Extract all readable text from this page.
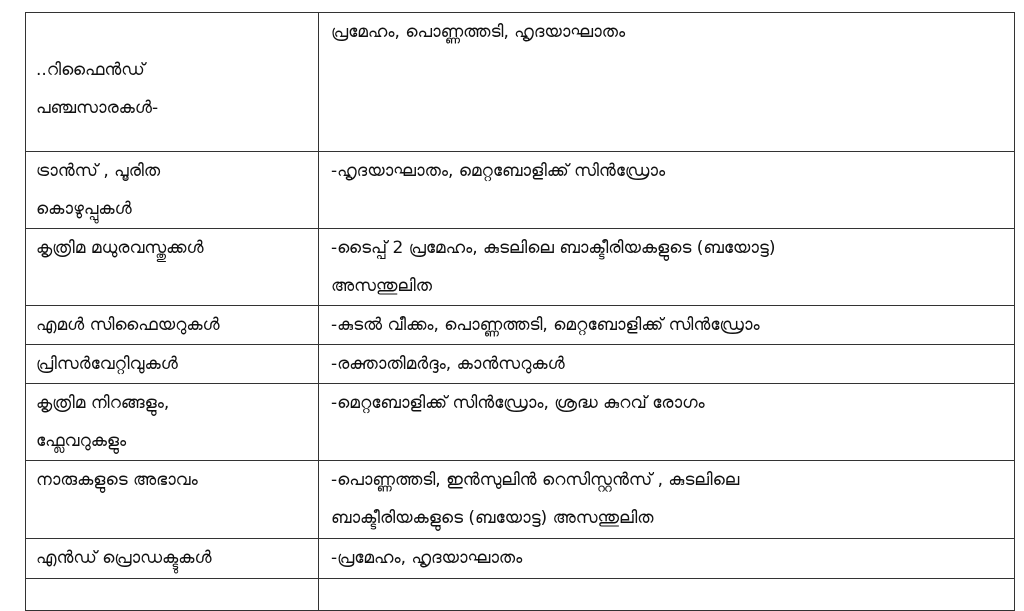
..റിഫൈൻഡ്
പഞ്ചസാരകൾ-	പ്രമേഹം, പൊണ്ണത്തടി, ഹൃദയാഘാതം

ട്രാൻസ് , പൂരിത
കൊഴുപ്പുകൾ	-ഹൃദയാഘാതം, മെറ്റബോളിക്ക് സിൻഡ്രോം

കൃത്രിമ മധുരവസ്തുക്കൾ	-ടൈപ്പ് 2 പ്രമേഹം, കുടലിലെ ബാക്ടീരിയകളുടെ (ബയോട്ട)
അസന്തുലിത

എമൾ സിഫൈയറുകൾ	-കുടൽ വീക്കം, പൊണ്ണത്തടി, മെറ്റബോളിക്ക് സിൻഡ്രോം

പ്രിസർവേറ്റിവുകൾ	-രക്താതിമർദ്ദം, കാൻസറുകൾ

കൃത്രിമ നിറങ്ങളും,
ഫ്ലേവറുകളും	-മെറ്റബോളിക്ക് സിൻഡ്രോം, ശ്രദ്ധ കുറവ് രോഗം

നാരുകളുടെ അഭാവം	-പൊണ്ണത്തടി, ഇൻസുലിൻ റെസിസ്റ്റൻസ് , കുടലിലെ
ബാക്ടീരിയകളുടെ (ബയോട്ട) അസന്തുലിത

എൻഡ് പ്രൊഡക്ടുകൾ	-പ്രമേഹം, ഹൃദയാഘാതം
